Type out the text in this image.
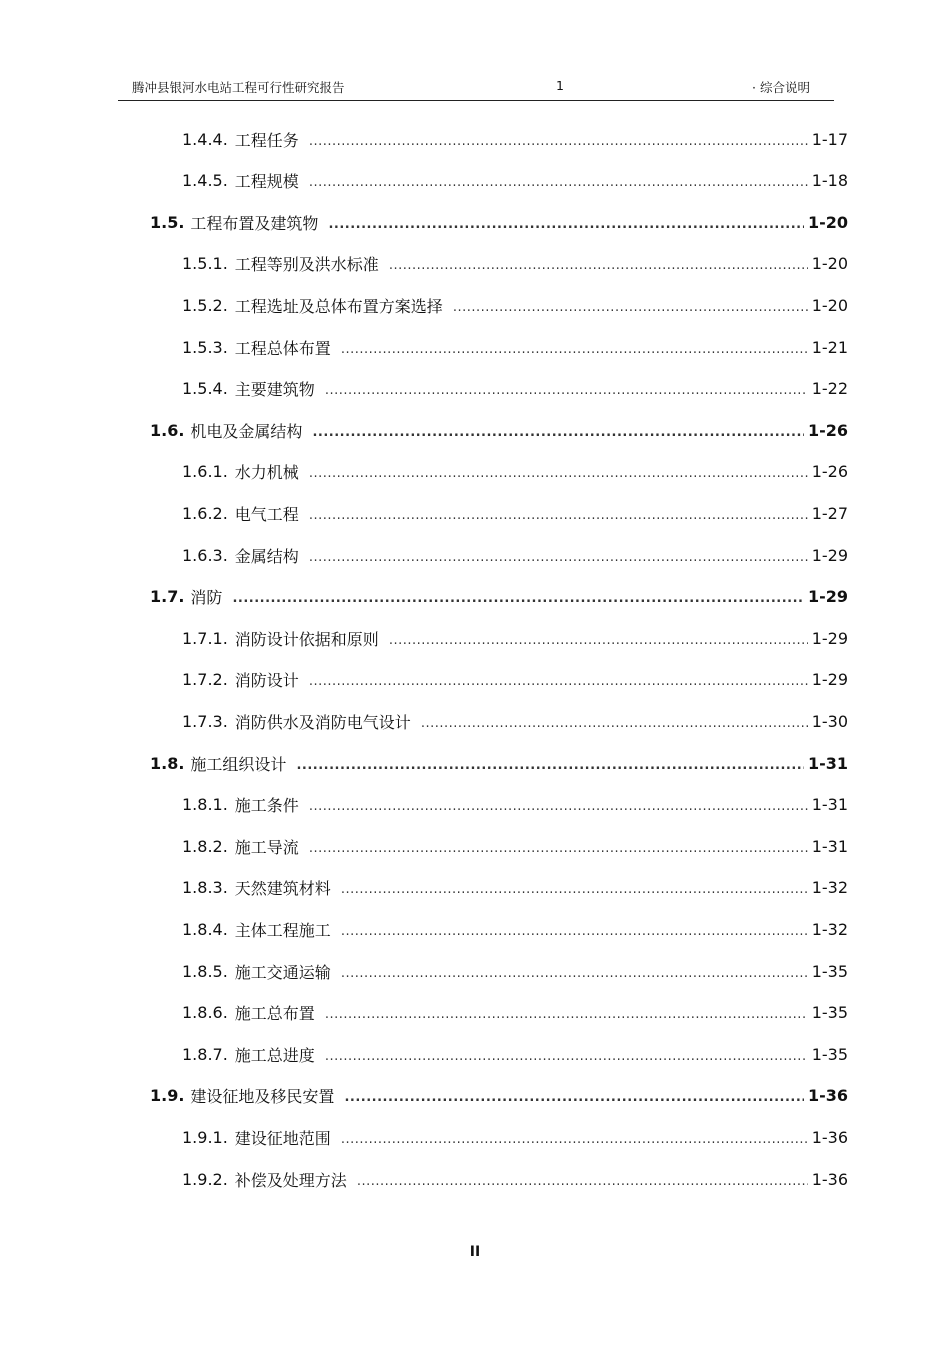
腾冲县银河水电站工程可行性研究报告	1	· 综合说明
1.4.4. 工程任务 .....	1-17
1.4.5. 工程规模 .....	1-18
1.5. 工程布置及建筑物 .....	1-20
1.5.1. 工程等别及洪水标准 .....	1-20
1.5.2. 工程选址及总体布置方案选择 .....	1-20
1.5.3. 工程总体布置 .....	1-21
1.5.4. 主要建筑物 .....	1-22
1.6. 机电及金属结构 .....	1-26
1.6.1. 水力机械 .....	1-26
1.6.2. 电气工程 .....	1-27
1.6.3. 金属结构 .....	1-29
1.7. 消防 .....	1-29
1.7.1. 消防设计依据和原则 .....	1-29
1.7.2. 消防设计 .....	1-29
1.7.3. 消防供水及消防电气设计 .....	1-30
1.8. 施工组织设计 .....	1-31
1.8.1. 施工条件 .....	1-31
1.8.2. 施工导流 .....	1-31
1.8.3. 天然建筑材料 .....	1-32
1.8.4. 主体工程施工 .....	1-32
1.8.5. 施工交通运输 .....	1-35
1.8.6. 施工总布置 .....	1-35
1.8.7. 施工总进度 .....	1-35
1.9. 建设征地及移民安置 .....	1-36
1.9.1. 建设征地范围 .....	1-36
1.9.2. 补偿及处理方法 .....	1-36
II
